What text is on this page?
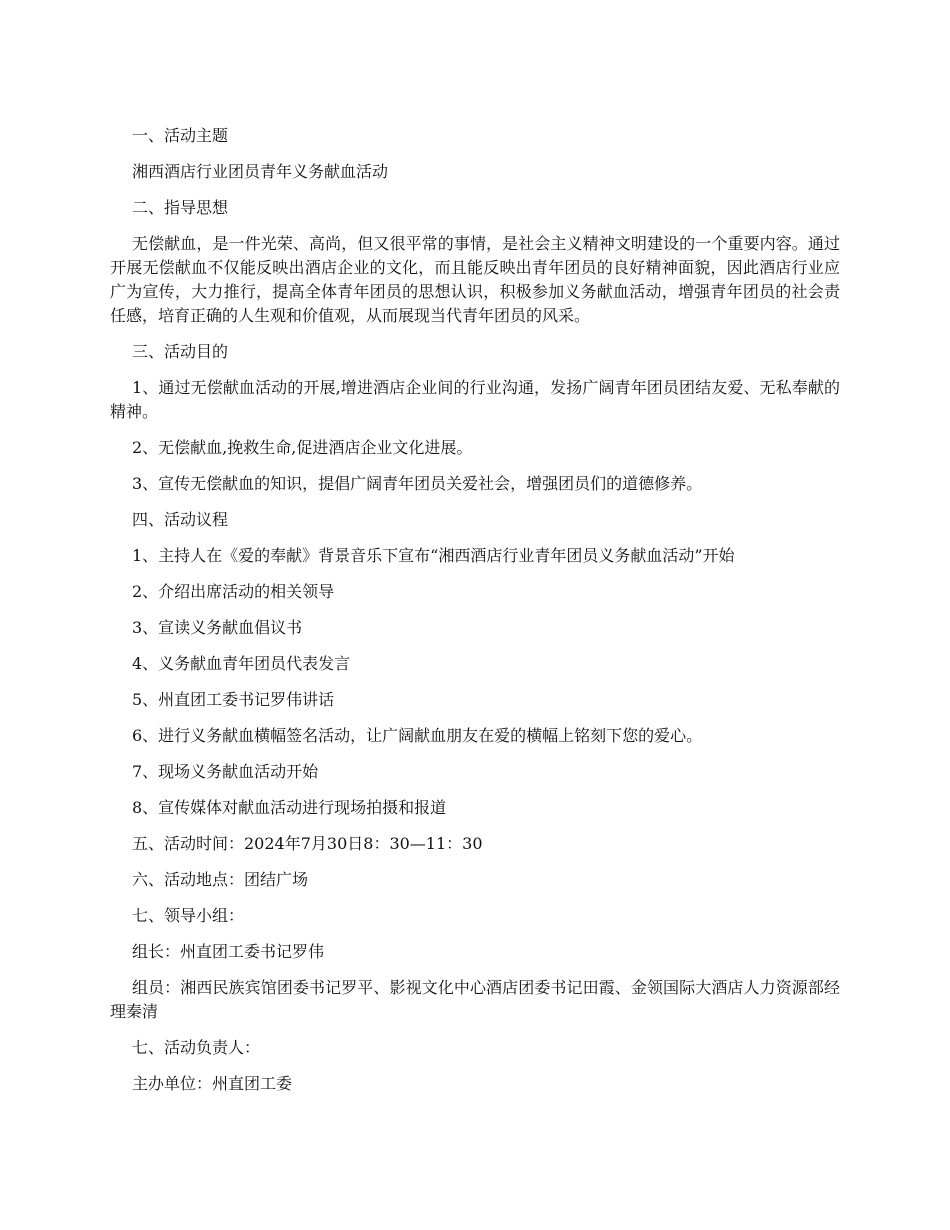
一、活动主题

湘西酒店行业团员青年义务献血活动

二、指导思想

无偿献血，是一件光荣、高尚，但又很平常的事情，是社会主义精神文明建设的一个重要内容。通过开展无偿献血不仅能反映出酒店企业的文化，而且能反映出青年团员的良好精神面貌，因此酒店行业应广为宣传，大力推行，提高全体青年团员的思想认识，积极参加义务献血活动，增强青年团员的社会责任感，培育正确的人生观和价值观，从而展现当代青年团员的风采。

三、活动目的

1、通过无偿献血活动的开展,增进酒店企业间的行业沟通，发扬广阔青年团员团结友爱、无私奉献的精神。

2、无偿献血,挽救生命,促进酒店企业文化进展。

3、宣传无偿献血的知识，提倡广阔青年团员关爱社会，增强团员们的道德修养。

四、活动议程

1、主持人在《爱的奉献》背景音乐下宣布“湘西酒店行业青年团员义务献血活动”开始

2、介绍出席活动的相关领导

3、宣读义务献血倡议书

4、义务献血青年团员代表发言

5、州直团工委书记罗伟讲话

6、进行义务献血横幅签名活动，让广阔献血朋友在爱的横幅上铭刻下您的爱心。

7、现场义务献血活动开始

8、宣传媒体对献血活动进行现场拍摄和报道

五、活动时间：2024年7月30日8：30—11：30

六、活动地点：团结广场

七、领导小组：

组长：州直团工委书记罗伟

组员：湘西民族宾馆团委书记罗平、影视文化中心酒店团委书记田霞、金领国际大酒店人力资源部经理秦清

七、活动负责人：

主办单位：州直团工委
